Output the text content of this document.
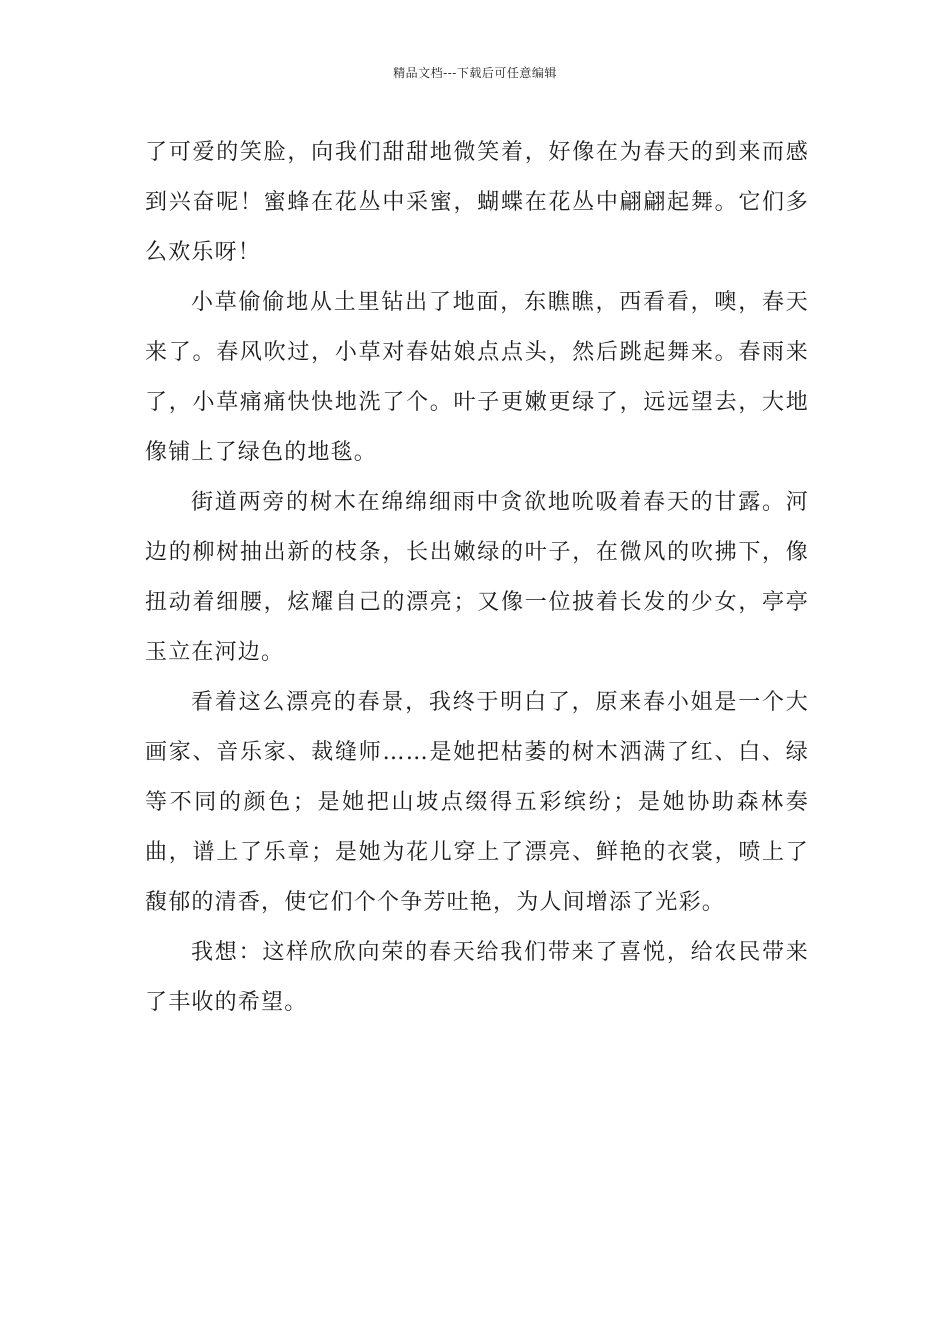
精品文档---下载后可任意编辑

了可爱的笑脸，向我们甜甜地微笑着，好像在为春天的到来而感到兴奋呢！蜜蜂在花丛中采蜜，蝴蝶在花丛中翩翩起舞。它们多么欢乐呀！

小草偷偷地从土里钻出了地面，东瞧瞧，西看看，噢，春天来了。春风吹过，小草对春姑娘点点头，然后跳起舞来。春雨来了，小草痛痛快快地洗了个。叶子更嫩更绿了，远远望去，大地像铺上了绿色的地毯。

街道两旁的树木在绵绵细雨中贪欲地吮吸着春天的甘露。河边的柳树抽出新的枝条，长出嫩绿的叶子，在微风的吹拂下，像扭动着细腰，炫耀自己的漂亮；又像一位披着长发的少女，亭亭玉立在河边。

看着这么漂亮的春景，我终于明白了，原来春小姐是一个大画家、音乐家、裁缝师……是她把枯萎的树木洒满了红、白、绿等不同的颜色；是她把山坡点缀得五彩缤纷；是她协助森林奏曲，谱上了乐章；是她为花儿穿上了漂亮、鲜艳的衣裳，喷上了馥郁的清香，使它们个个争芳吐艳，为人间增添了光彩。

我想：这样欣欣向荣的春天给我们带来了喜悦，给农民带来了丰收的希望。
